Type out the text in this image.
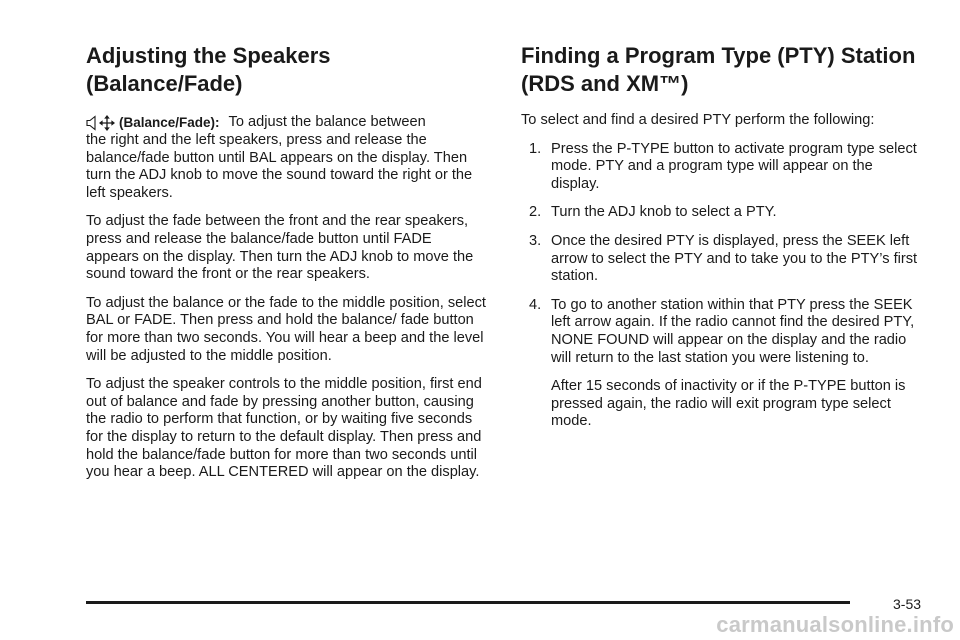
Adjusting the Speakers (Balance/Fade)

(Balance/Fade): To adjust the balance between
the right and the left speakers, press and release the balance/fade button until BAL appears on the display. Then turn the ADJ knob to move the sound toward the right or the left speakers.

To adjust the fade between the front and the rear speakers, press and release the balance/fade button until FADE appears on the display. Then turn the ADJ knob to move the sound toward the front or the rear speakers.

To adjust the balance or the fade to the middle position, select BAL or FADE. Then press and hold the balance/ fade button for more than two seconds. You will hear a beep and the level will be adjusted to the middle position.

To adjust the speaker controls to the middle position, first end out of balance and fade by pressing another button, causing the radio to perform that function, or by waiting five seconds for the display to return to the default display. Then press and hold the balance/fade button for more than two seconds until you hear a beep. ALL CENTERED will appear on the display.

Finding a Program Type (PTY) Station (RDS and XM™)

To select and find a desired PTY perform the following:

1. Press the P-TYPE button to activate program type select mode. PTY and a program type will appear on the display.
2. Turn the ADJ knob to select a PTY.
3. Once the desired PTY is displayed, press the SEEK left arrow to select the PTY and to take you to the PTY’s first station.
4. To go to another station within that PTY press the SEEK left arrow again. If the radio cannot find the desired PTY, NONE FOUND will appear on the display and the radio will return to the last station you were listening to.

After 15 seconds of inactivity or if the P-TYPE button is pressed again, the radio will exit program type select mode.

3-53
carmanualsonline.info
